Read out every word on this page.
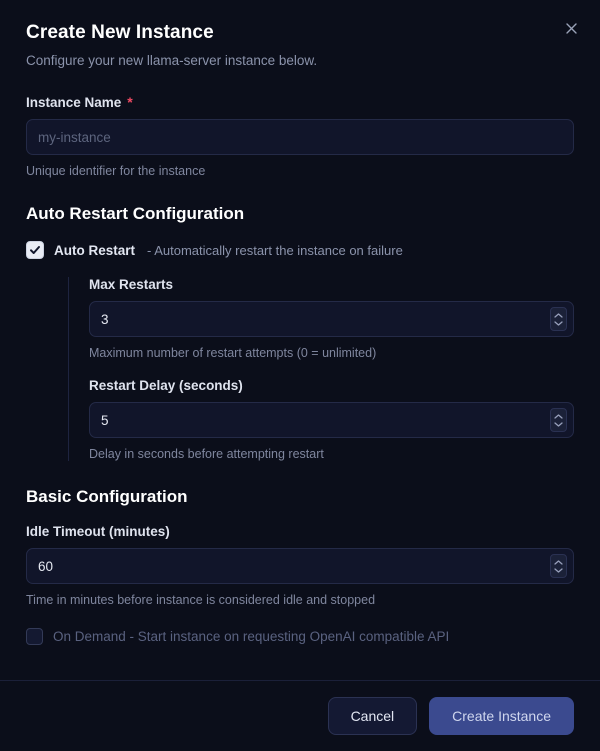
Create New Instance
Configure your new llama-server instance below.
Instance Name *
my-instance
Unique identifier for the instance
Auto Restart Configuration
Auto Restart - Automatically restart the instance on failure
Max Restarts
3
Maximum number of restart attempts (0 = unlimited)
Restart Delay (seconds)
5
Delay in seconds before attempting restart
Basic Configuration
Idle Timeout (minutes)
60
Time in minutes before instance is considered idle and stopped
On Demand - Start instance on requesting OpenAI compatible API
Cancel	Create Instance
